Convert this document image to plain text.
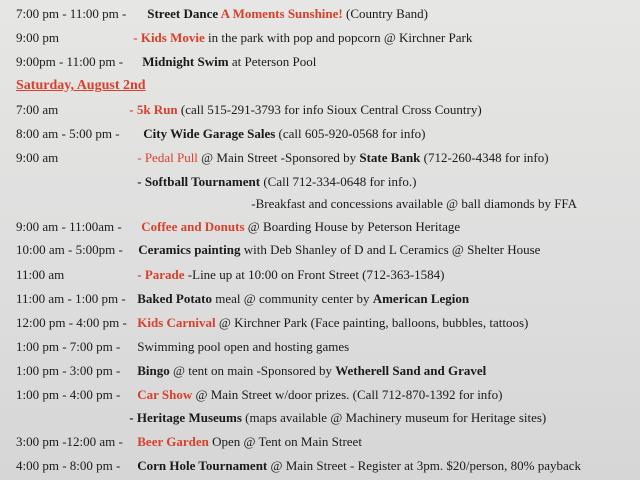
7:00 pm - 11:00 pm - Street Dance A Moments Sunshine! (Country Band)
9:00 pm	- Kids Movie in the park with pop and popcorn @ Kirchner Park
9:00pm - 11:00 pm - Midnight Swim at Peterson Pool
Saturday, August 2nd
7:00 am	- 5k Run (call 515-291-3793 for info Sioux Central Cross Country)
8:00 am - 5:00 pm - City Wide Garage Sales (call 605-920-0568 for info)
9:00 am	- Pedal Pull @ Main Street -Sponsored by State Bank (712-260-4348 for info)
- Softball Tournament (Call 712-334-0648 for info.)
-Breakfast and concessions available @ ball diamonds by FFA
9:00 am - 11:00am - Coffee and Donuts @ Boarding House by Peterson Heritage
10:00 am - 5:00pm - Ceramics painting with Deb Shanley of D and L Ceramics @ Shelter House
11:00 am	- Parade -Line up at 10:00 on Front Street (712-363-1584)
11:00 am - 1:00 pm - Baked Potato meal @ community center by American Legion
12:00 pm - 4:00 pm - Kids Carnival @ Kirchner Park (Face painting, balloons, bubbles, tattoos)
1:00 pm - 7:00 pm - Swimming pool open and hosting games
1:00 pm - 3:00 pm - Bingo @ tent on main -Sponsored by Wetherell Sand and Gravel
1:00 pm - 4:00 pm - Car Show @ Main Street w/door prizes. (Call 712-870-1392 for info)
- Heritage Museums (maps available @ Machinery museum for Heritage sites)
3:00 pm -12:00 am - Beer Garden Open @ Tent on Main Street
4:00 pm - 8:00 pm - Corn Hole Tournament @ Main Street - Register at 3pm. $20/person, 80% payback
